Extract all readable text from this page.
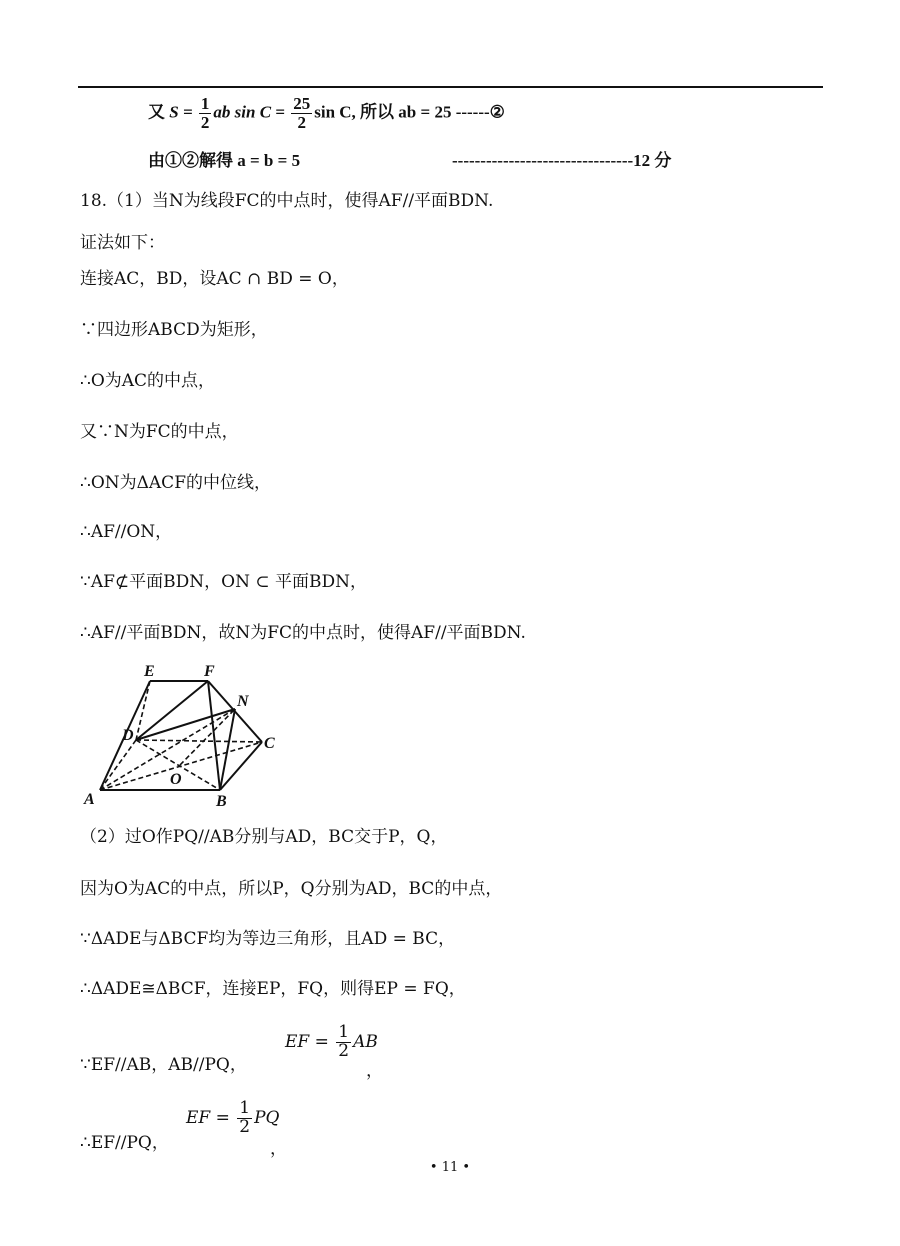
又 $S = \frac{1}{2}$ ab $\sin C = \frac{25}{2}$ sin C, 所以 ab = 25 ------②
由①②解得 a = b = 5	--------------------------------12 分
18.（1）当N为线段FC的中点时，使得AF//平面BDN.
证法如下：
连接AC，BD，设AC ∩ BD = O，
∵四边形ABCD为矩形，
∴O为AC的中点，
又∵N为FC的中点，
∴ON为ΔACF的中位线，
∴AF//ON，
∵AF⊄平面BDN，ON ⊂ 平面BDN，
∴AF//平面BDN，故N为FC的中点时，使得AF//平面BDN.
E	F
N
D	C
O
A	B
（2）过O作PQ//AB分别与AD，BC交于P，Q，
因为O为AC的中点，所以P，Q分别为AD，BC的中点，
∵ΔADE与ΔBCF均为等边三角形，且AD = BC，
∴ΔADE≅ΔBCF，连接EP，FQ，则得EP = FQ，
∵EF//AB，AB//PQ，
EF = $\frac{1}{2}$ AB
，
∴EF//PQ，
EF = $\frac{1}{2}$ PQ
，
• 11 •
